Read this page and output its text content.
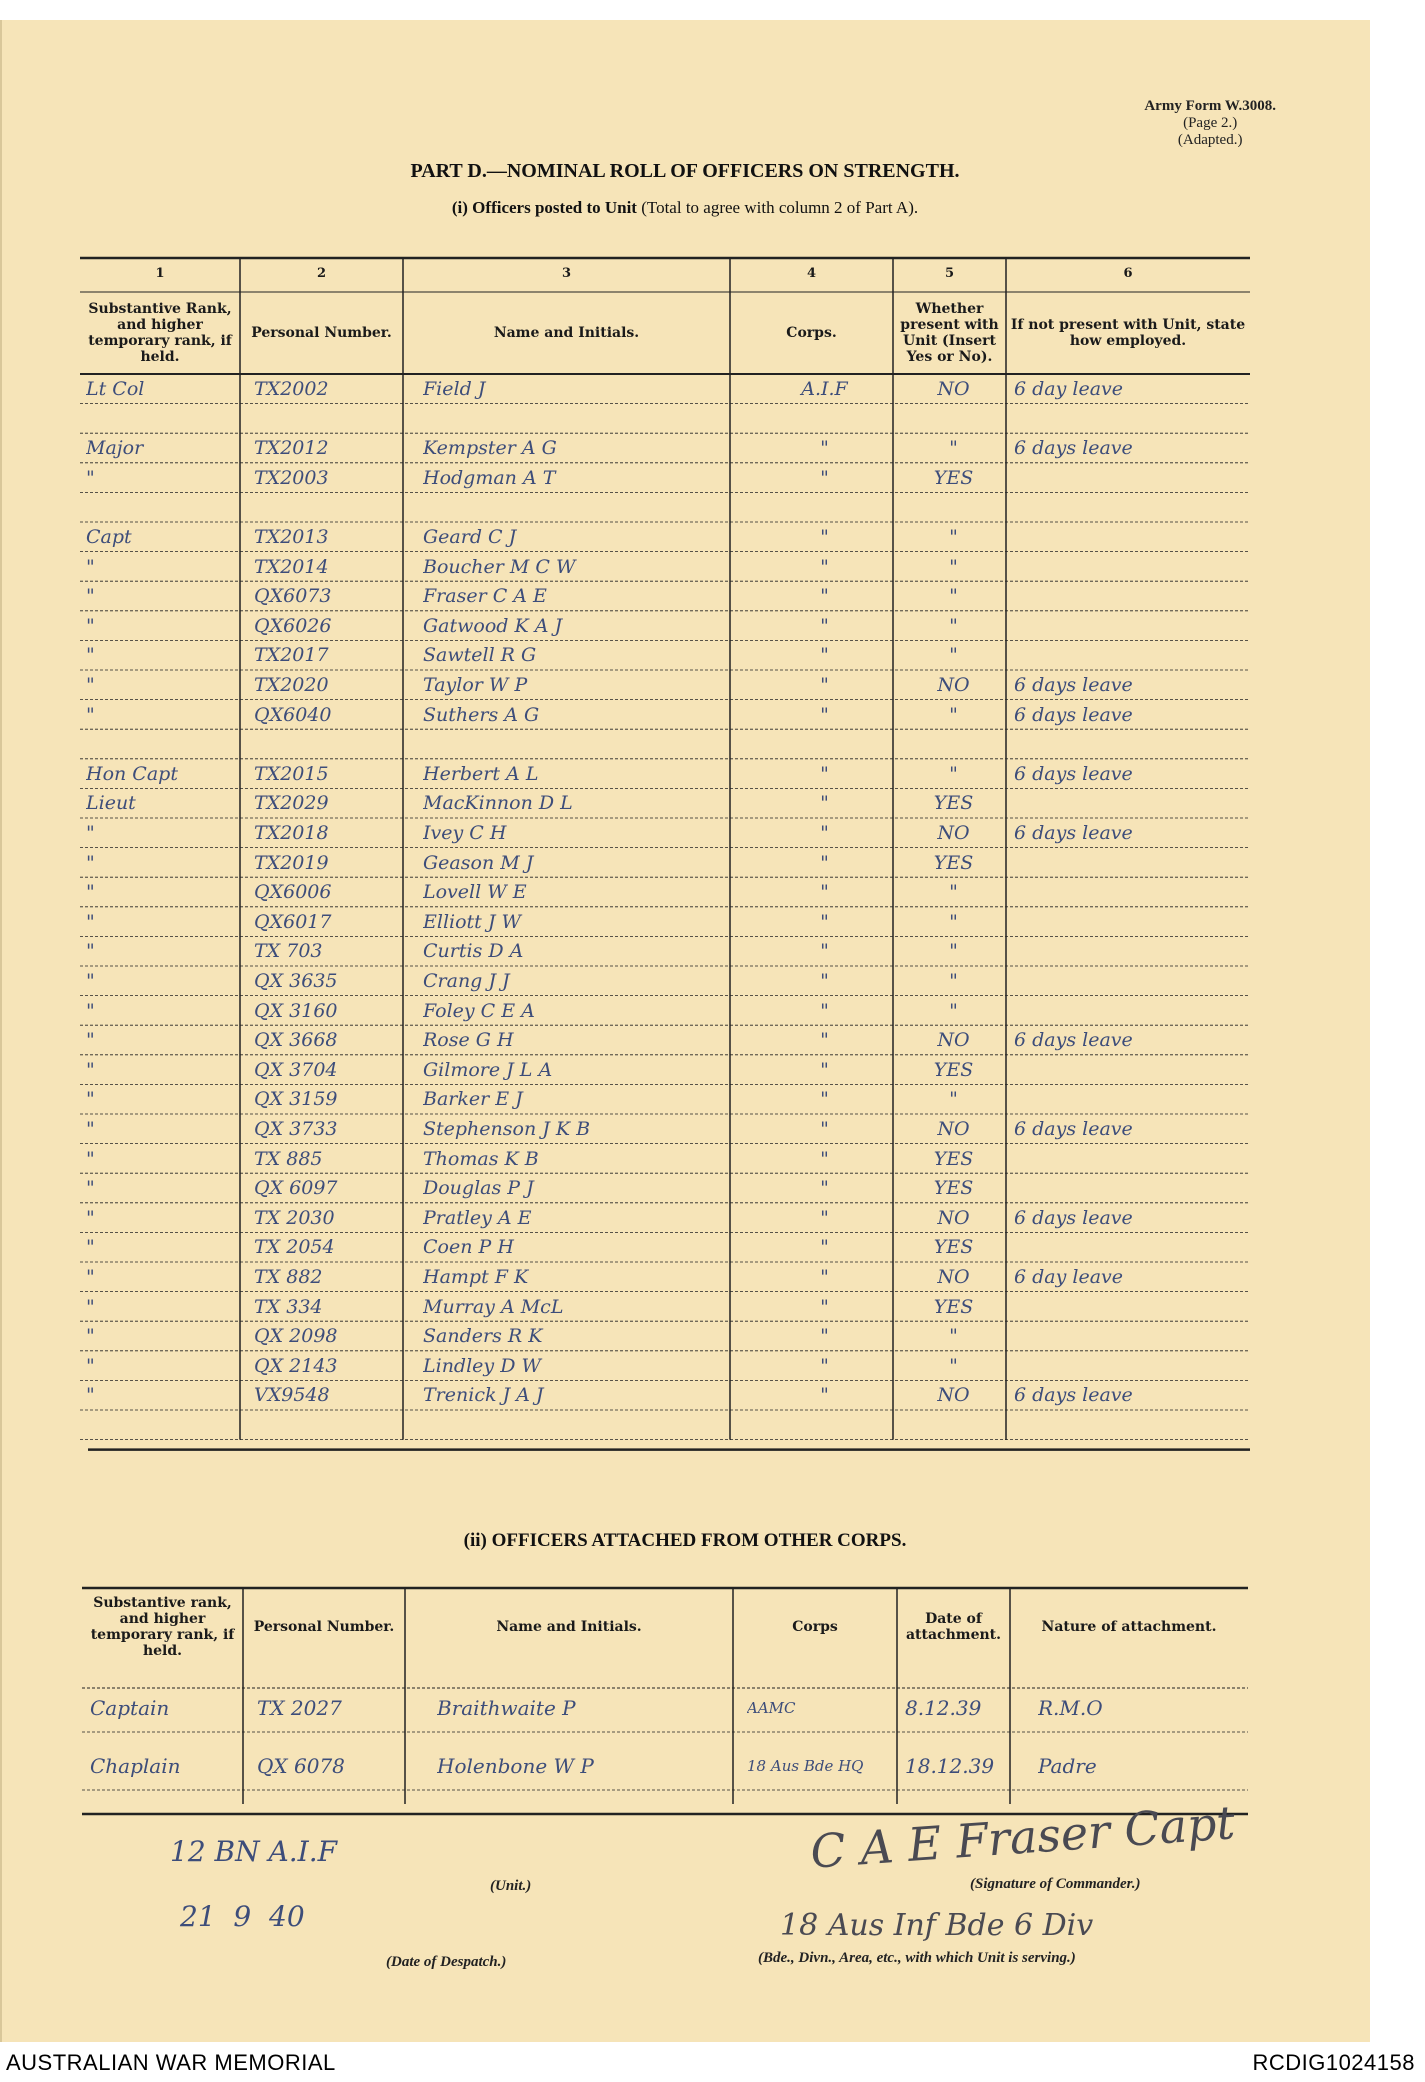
Army Form W.3008.
(Page 2.)
(Adapted.)
PART D.—NOMINAL ROLL OF OFFICERS ON STRENGTH.
(i) Officers posted to Unit (Total to agree with column 2 of Part A).
1
Substantive Rank, and higher temporary rank, if held.
2
Personal Number.
3
Name and Initials.
4
Corps.
5
Whether present with Unit (Insert Yes or No).
6
If not present with Unit, state how employed.
Lt Col	TX2002	Field J	A.I.F	NO	6 day leave
Major	TX2012	Kempster A G	"	"	6 days leave
"	TX2003	Hodgman A T	"	YES
Capt	TX2013	Geard C J	"	"
"	TX2014	Boucher M C W	"	"
"	QX6073	Fraser C A E	"	"
"	QX6026	Gatwood K A J	"	"
"	TX2017	Sawtell R G	"	"
"	TX2020	Taylor W P	"	NO	6 days leave
"	QX6040	Suthers A G	"	"	6 days leave
Hon Capt	TX2015	Herbert A L	"	"	6 days leave
Lieut	TX2029	MacKinnon D L	"	YES
"	TX2018	Ivey C H	"	NO	6 days leave
"	TX2019	Geason M J	"	YES
"	QX6006	Lovell W E	"	"
"	QX6017	Elliott J W	"	"
"	TX 703	Curtis D A	"	"
"	QX 3635	Crang J J	"	"
"	QX 3160	Foley C E A	"	"
"	QX 3668	Rose G H	"	NO	6 days leave
"	QX 3704	Gilmore J L A	"	YES
"	QX 3159	Barker E J	"	"
"	QX 3733	Stephenson J K B	"	NO	6 days leave
"	TX 885	Thomas K B	"	YES
"	QX 6097	Douglas P J	"	YES
"	TX 2030	Pratley A E	"	NO	6 days leave
"	TX 2054	Coen P H	"	YES
"	TX 882	Hampt F K	"	NO	6 day leave
"	TX 334	Murray A McL	"	YES
"	QX 2098	Sanders R K	"	"
"	QX 2143	Lindley D W	"	"
"	VX9548	Trenick J A J	"	NO	6 days leave
(ii) OFFICERS ATTACHED FROM OTHER CORPS.
Substantive rank, and higher temporary rank, if held.
Personal Number.	Name and Initials.	Corps	Date of attachment.	Nature of attachment.
Captain	TX 2027	Braithwaite P	AAMC	8.12.39	R.M.O
Chaplain	QX 6078	Holenbone W P	18 Aus Bde HQ	18.12.39	Padre
12 BN A.I.F
(Unit.)
21  9  40
(Date of Despatch.)
C A E Fraser Capt
(Signature of Commander.)
18 Aus Inf Bde 6 Div
(Bde., Divn., Area, etc., with which Unit is serving.)
AUSTRALIAN WAR MEMORIAL	RCDIG1024158
